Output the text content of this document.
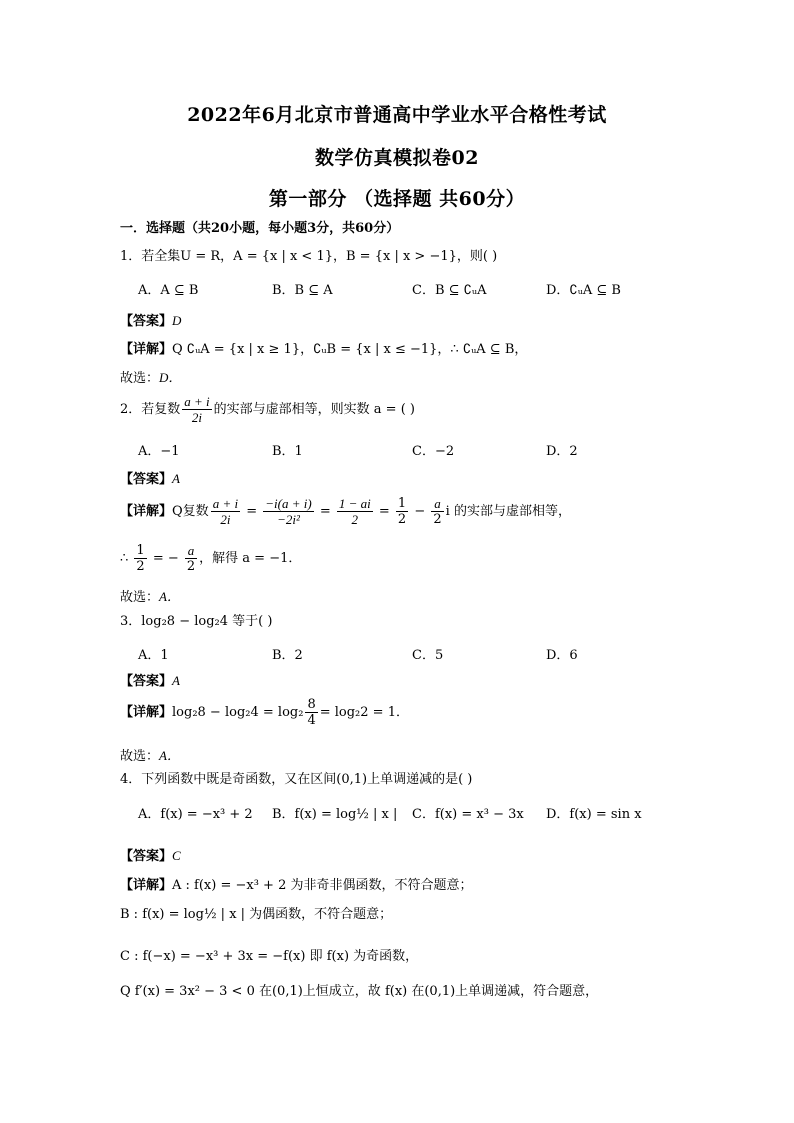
2022年6月北京市普通高中学业水平合格性考试
数学仿真模拟卷02
第一部分 （选择题 共60分）
一．选择题（共20小题，每小题3分，共60分）
1．若全集U = R，A = {x | x < 1}，B = {x | x > −1}，则( )
A．A ⊆ B	B．B ⊆ A	C．B ⊆ ∁ᵤA	D．∁ᵤA ⊆ B
【答案】D
【详解】Q ∁ᵤA = {x | x ≥ 1}，∁ᵤB = {x | x ≤ −1}，∴ ∁ᵤA ⊆ B，
故选：D．
2．若复数 $\frac{a + i}{2i}$ 的实部与虚部相等，则实数 a = ( )
A．−1	B．1	C．−2	D．2
【答案】A
【详解】Q复数 $\frac{a + i}{2i} = \frac{-i(a + i)}{\text{−2i²}} = \frac{1 - ai}{2} = \frac{1}{2} - \frac{a}{2}$ i 的实部与虚部相等，
∴ $\frac{1}{2}$ = − $\frac{a}{2}$ ，解得 a = −1．
故选：A．
3．log₂8 − log₂4 等于( )
A．1	B．2	C．5	D．6
【答案】A
【详解】$\log_28 - \log_24 = \log_2 \frac{8}{4} = \log_22 = 1$．
故选：A．
4．下列函数中既是奇函数，又在区间(0,1)上单调递减的是( )
A．f(x) = −x³ + 2 B．f(x) = log½ | x | C．f(x) = x³ − 3x D．f(x) = sin x
【答案】C
【详解】A : f(x) = −x³ + 2 为非奇非偶函数，不符合题意；
B : f(x) = log½ | x | 为偶函数，不符合题意；
C : f(−x) = −x³ + 3x = −f(x) 即 f(x) 为奇函数，
Q f′(x) = 3x² − 3 < 0 在(0,1)上恒成立，故 f(x) 在(0,1)上单调递减，符合题意，
